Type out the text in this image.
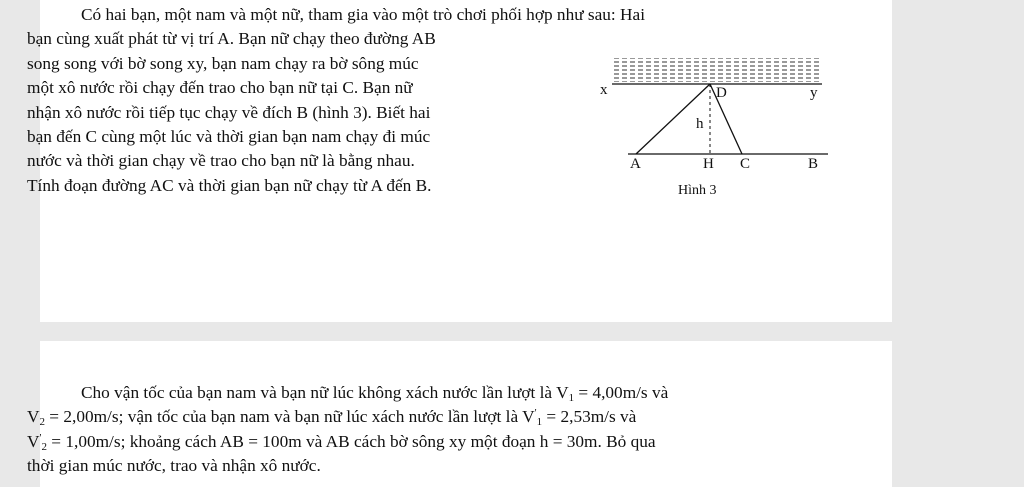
Có hai bạn, một nam và một nữ, tham gia vào một trò chơi phối hợp như sau: Hai
bạn cùng xuất phát từ vị trí A. Bạn nữ chạy theo đường AB
song song với bờ song xy, bạn nam chạy ra bờ sông múc
một xô nước rồi chạy đến trao cho bạn nữ tại C. Bạn nữ
nhận xô nước rồi tiếp tục chạy về đích B (hình 3). Biết hai
bạn đến C cùng một lúc và thời gian bạn nam chạy đi múc
nước và thời gian chạy về trao cho bạn nữ là bằng nhau.
Tính đoạn đường AC và thời gian bạn nữ chạy từ A đến B.
x	D	y
h
A	H C	B
Hình 3
Cho vận tốc của bạn nam và bạn nữ lúc không xách nước lần lượt là $V_1 = 4,00m/s$ và
$V_2 = 2,00m/s$; vận tốc của bạn nam và bạn nữ lúc xách nước lần lượt là $V'_1 = 2,53m/s$ và
$V'_2 = 1,00m/s$; khoảng cách AB = 100m và AB cách bờ sông xy một đoạn h = 30m. Bỏ qua
thời gian múc nước, trao và nhận xô nước.
